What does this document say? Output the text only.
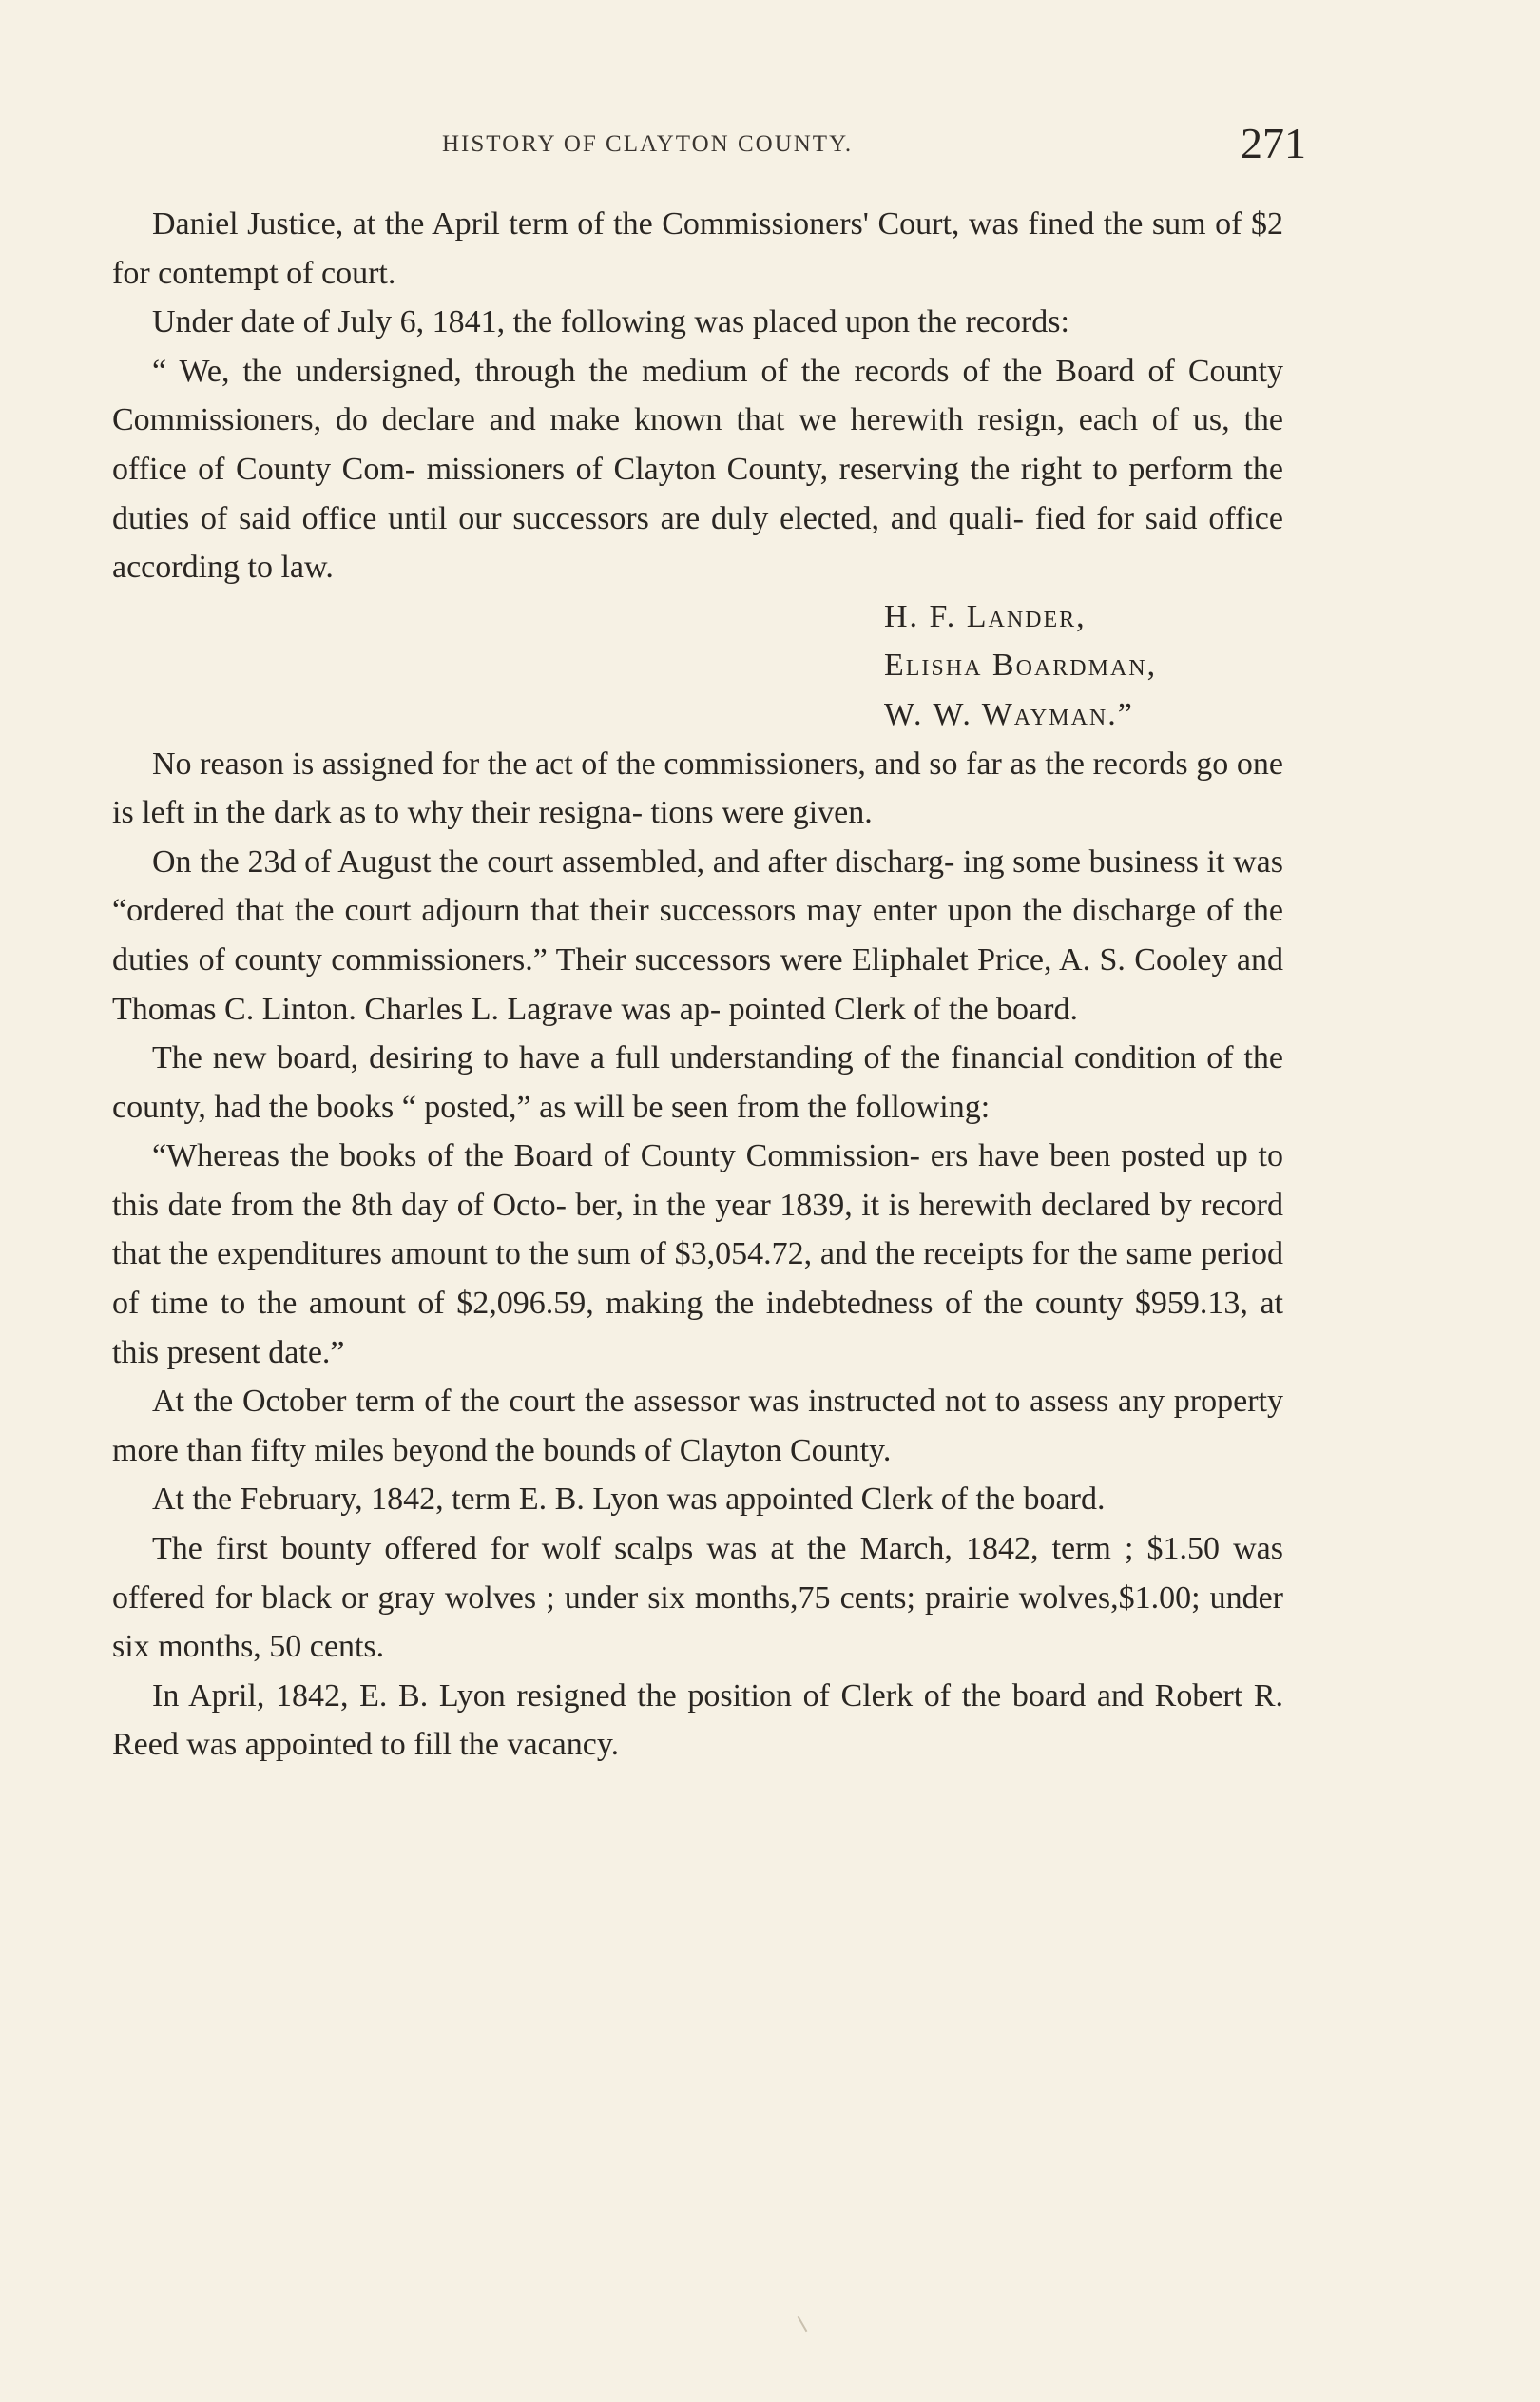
HISTORY OF CLAYTON COUNTY.	271

Daniel Justice, at the April term of the Commissioners' Court, was fined the sum of $2 for contempt of court.

Under date of July 6, 1841, the following was placed upon the records:

“ We, the undersigned, through the medium of the records of the Board of County Commissioners, do declare and make known that we herewith resign, each of us, the office of County Com- missioners of Clayton County, reserving the right to perform the duties of said office until our successors are duly elected, and quali- fied for said office according to law.

H. F. Lander,
Elisha Boardman,
W. W. Wayman.”

No reason is assigned for the act of the commissioners, and so far as the records go one is left in the dark as to why their resigna- tions were given.

On the 23d of August the court assembled, and after discharg- ing some business it was “ordered that the court adjourn that their successors may enter upon the discharge of the duties of county commissioners.” Their successors were Eliphalet Price, A. S. Cooley and Thomas C. Linton. Charles L. Lagrave was ap- pointed Clerk of the board.

The new board, desiring to have a full understanding of the financial condition of the county, had the books “ posted,” as will be seen from the following:

“Whereas the books of the Board of County Commission- ers have been posted up to this date from the 8th day of Octo- ber, in the year 1839, it is herewith declared by record that the expenditures amount to the sum of $3,054.72, and the receipts for the same period of time to the amount of $2,096.59, making the indebtedness of the county $959.13, at this present date.”

At the October term of the court the assessor was instructed not to assess any property more than fifty miles beyond the bounds of Clayton County.

At the February, 1842, term E. B. Lyon was appointed Clerk of the board.

The first bounty offered for wolf scalps was at the March, 1842, term ; $1.50 was offered for black or gray wolves ; under six months,75 cents; prairie wolves,$1.00; under six months, 50 cents.

In April, 1842, E. B. Lyon resigned the position of Clerk of the board and Robert R. Reed was appointed to fill the vacancy.
